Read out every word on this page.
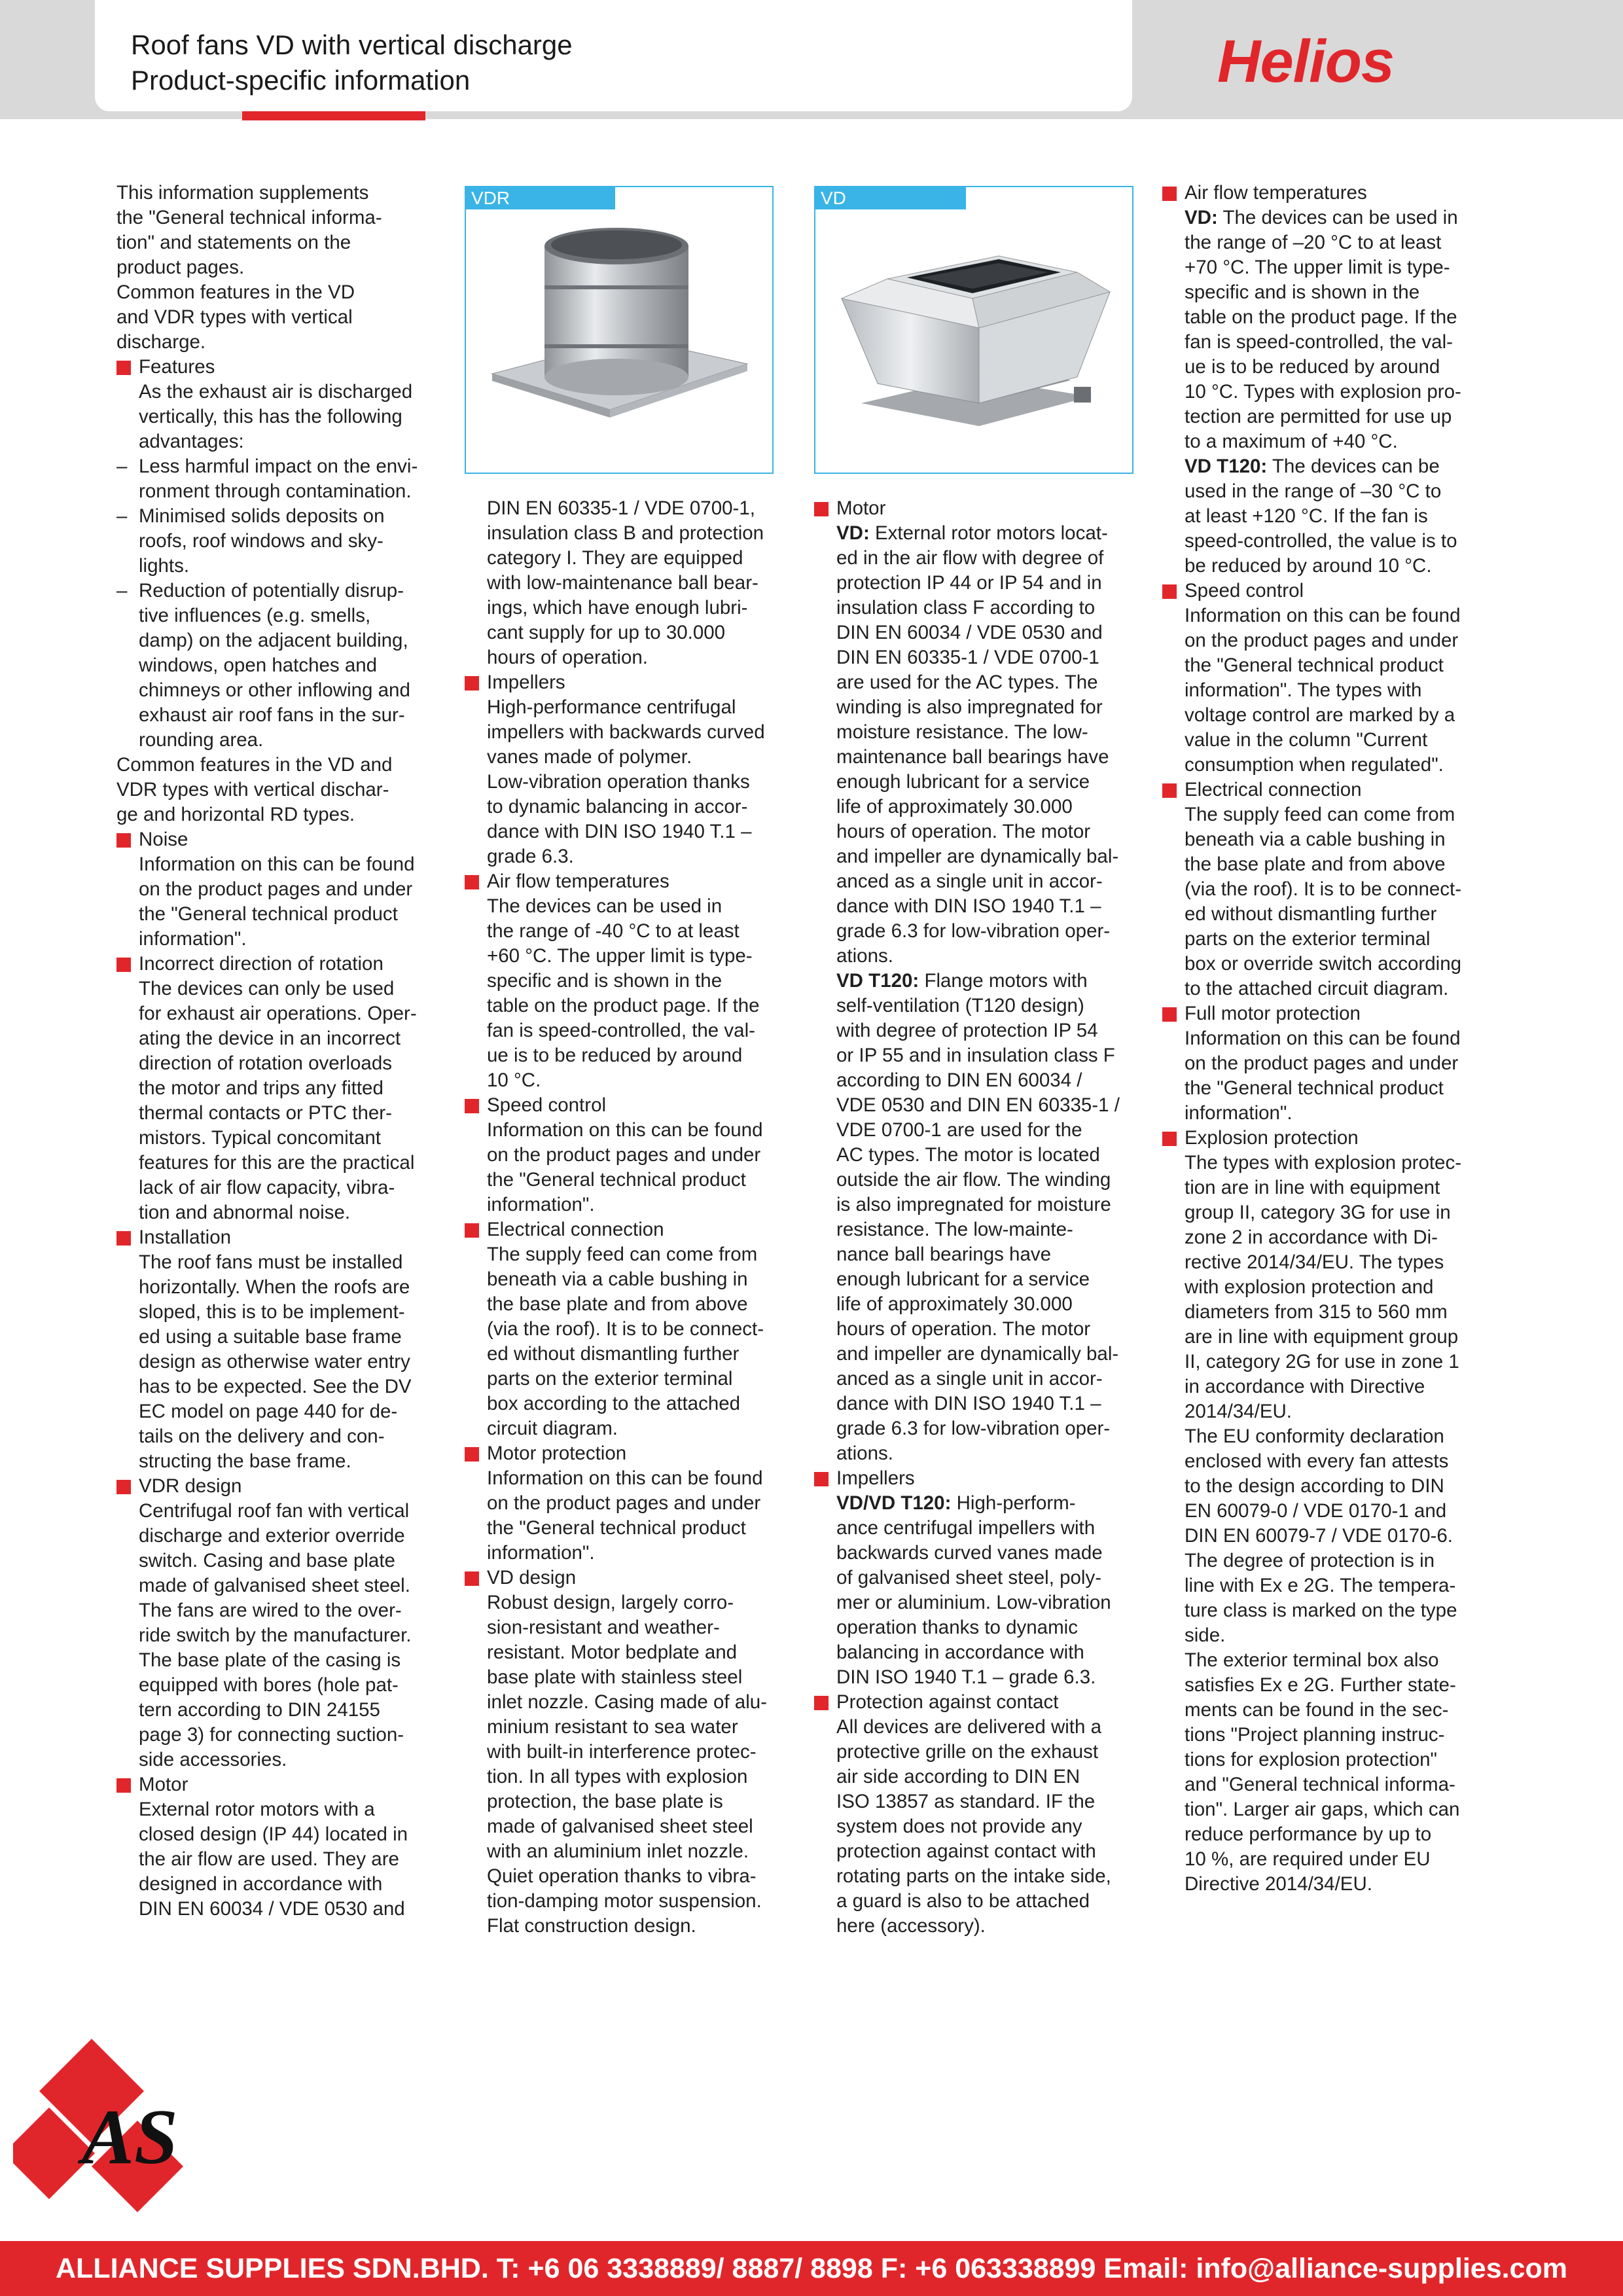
Roof fans VD with vertical discharge
Product-specific information	Helios

This information supplements
the "General technical informa-
tion" and statements on the
product pages.

Common features in the VD
and VDR types with vertical
discharge.

Features

As the exhaust air is discharged
vertically, this has the following
advantages:

– Less harmful impact on the envi-
ronment through contamination.

– Minimised solids deposits on
roofs, roof windows and sky-
lights.

– Reduction of potentially disrup-
tive influences (e.g. smells,
damp) on the adjacent building,
windows, open hatches and
chimneys or other inflowing and
exhaust air roof fans in the sur-
rounding area.

Common features in the VD and
VDR types with vertical dischar-
ge and horizontal RD types.

Noise

Information on this can be found
on the product pages and under
the "General technical product
information".

Incorrect direction of rotation

The devices can only be used
for exhaust air operations. Oper-
ating the device in an incorrect
direction of rotation overloads
the motor and trips any fitted
thermal contacts or PTC ther-
mistors. Typical concomitant
features for this are the practical
lack of air flow capacity, vibra-
tion and abnormal noise.

Installation

The roof fans must be installed
horizontally. When the roofs are
sloped, this is to be implement-
ed using a suitable base frame
design as otherwise water entry
has to be expected. See the DV
EC model on page 440 for de-
tails on the delivery and con-
structing the base frame.

VDR design

Centrifugal roof fan with vertical
discharge and exterior override
switch. Casing and base plate
made of galvanised sheet steel.
The fans are wired to the over-
ride switch by the manufacturer.
The base plate of the casing is
equipped with bores (hole pat-
tern according to DIN 24155
page 3) for connecting suction-
side accessories.

Motor

External rotor motors with a
closed design (IP 44) located in
the air flow are used. They are
designed in accordance with
DIN EN 60034 / VDE 0530 and

VDR	VD

DIN EN 60335-1 / VDE 0700-1,
insulation class B and protection
category I. They are equipped
with low-maintenance ball bear-
ings, which have enough lubri-
cant supply for up to 30.000
hours of operation.

Impellers

High-performance centrifugal
impellers with backwards curved
vanes made of polymer.
Low-vibration operation thanks
to dynamic balancing in accor-
dance with DIN ISO 1940 T.1 –
grade 6.3.

Air flow temperatures

The devices can be used in
the range of -40 °C to at least
+60 °C. The upper limit is type-
specific and is shown in the
table on the product page. If the
fan is speed-controlled, the val-
ue is to be reduced by around
10 °C.

Speed control

Information on this can be found
on the product pages and under
the "General technical product
information".

Electrical connection

The supply feed can come from
beneath via a cable bushing in
the base plate and from above
(via the roof). It is to be connect-
ed without dismantling further
parts on the exterior terminal
box according to the attached
circuit diagram.

Motor protection

Information on this can be found
on the product pages and under
the "General technical product
information".

VD design

Robust design, largely corro-
sion-resistant and weather-
resistant. Motor bedplate and
base plate with stainless steel
inlet nozzle. Casing made of alu-
minium resistant to sea water
with built-in interference protec-
tion. In all types with explosion
protection, the base plate is
made of galvanised sheet steel
with an aluminium inlet nozzle.
Quiet operation thanks to vibra-
tion-damping motor suspension.
Flat construction design.

Motor

VD: External rotor motors locat-
ed in the air flow with degree of
protection IP 44 or IP 54 and in
insulation class F according to
DIN EN 60034 / VDE 0530 and
DIN EN 60335-1 / VDE 0700-1
are used for the AC types. The
winding is also impregnated for
moisture resistance. The low-
maintenance ball bearings have
enough lubricant for a service
life of approximately 30.000
hours of operation. The motor
and impeller are dynamically bal-
anced as a single unit in accor-
dance with DIN ISO 1940 T.1 –
grade 6.3 for low-vibration oper-
ations.

VD T120: Flange motors with
self-ventilation (T120 design)
with degree of protection IP 54
or IP 55 and in insulation class F
according to DIN EN 60034 /
VDE 0530 and DIN EN 60335-1 /
VDE 0700-1 are used for the
AC types. The motor is located
outside the air flow. The winding
is also impregnated for moisture
resistance. The low-mainte-
nance ball bearings have
enough lubricant for a service
life of approximately 30.000
hours of operation. The motor
and impeller are dynamically bal-
anced as a single unit in accor-
dance with DIN ISO 1940 T.1 –
grade 6.3 for low-vibration oper-
ations.

Impellers

VD/VD T120: High-perform-
ance centrifugal impellers with
backwards curved vanes made
of galvanised sheet steel, poly-
mer or aluminium. Low-vibration
operation thanks to dynamic
balancing in accordance with
DIN ISO 1940 T.1 – grade 6.3.

Protection against contact

All devices are delivered with a
protective grille on the exhaust
air side according to DIN EN
ISO 13857 as standard. IF the
system does not provide any
protection against contact with
rotating parts on the intake side,
a guard is also to be attached
here (accessory).

Air flow temperatures

VD: The devices can be used in
the range of –20 °C to at least
+70 °C. The upper limit is type-
specific and is shown in the
table on the product page. If the
fan is speed-controlled, the val-
ue is to be reduced by around
10 °C. Types with explosion pro-
tection are permitted for use up
to a maximum of +40 °C.

VD T120: The devices can be
used in the range of –30 °C to
at least +120 °C. If the fan is
speed-controlled, the value is to
be reduced by around 10 °C.

Speed control

Information on this can be found
on the product pages and under
the "General technical product
information". The types with
voltage control are marked by a
value in the column "Current
consumption when regulated".

Electrical connection

The supply feed can come from
beneath via a cable bushing in
the base plate and from above
(via the roof). It is to be connect-
ed without dismantling further
parts on the exterior terminal
box or override switch according
to the attached circuit diagram.

Full motor protection

Information on this can be found
on the product pages and under
the "General technical product
information".

Explosion protection

The types with explosion protec-
tion are in line with equipment
group II, category 3G for use in
zone 2 in accordance with Di-
rective 2014/34/EU. The types
with explosion protection and
diameters from 315 to 560 mm
are in line with equipment group
II, category 2G for use in zone 1
in accordance with Directive
2014/34/EU.
The EU conformity declaration
enclosed with every fan attests
to the design according to DIN
EN 60079-0 / VDE 0170-1 and
DIN EN 60079-7 / VDE 0170-6.
The degree of protection is in
line with Ex e 2G. The tempera-
ture class is marked on the type
side.
The exterior terminal box also
satisfies Ex e 2G. Further state-
ments can be found in the sec-
tions "Project planning instruc-
tions for explosion protection"
and "General technical informa-
tion". Larger air gaps, which can
reduce performance by up to
10 %, are required under EU
Directive 2014/34/EU.

AS
ALLIANCE SUPPLIES SDN.BHD. T: +6 06 3338889/ 8887/ 8898 F: +6 063338899 Email: info@alliance-supplies.com
